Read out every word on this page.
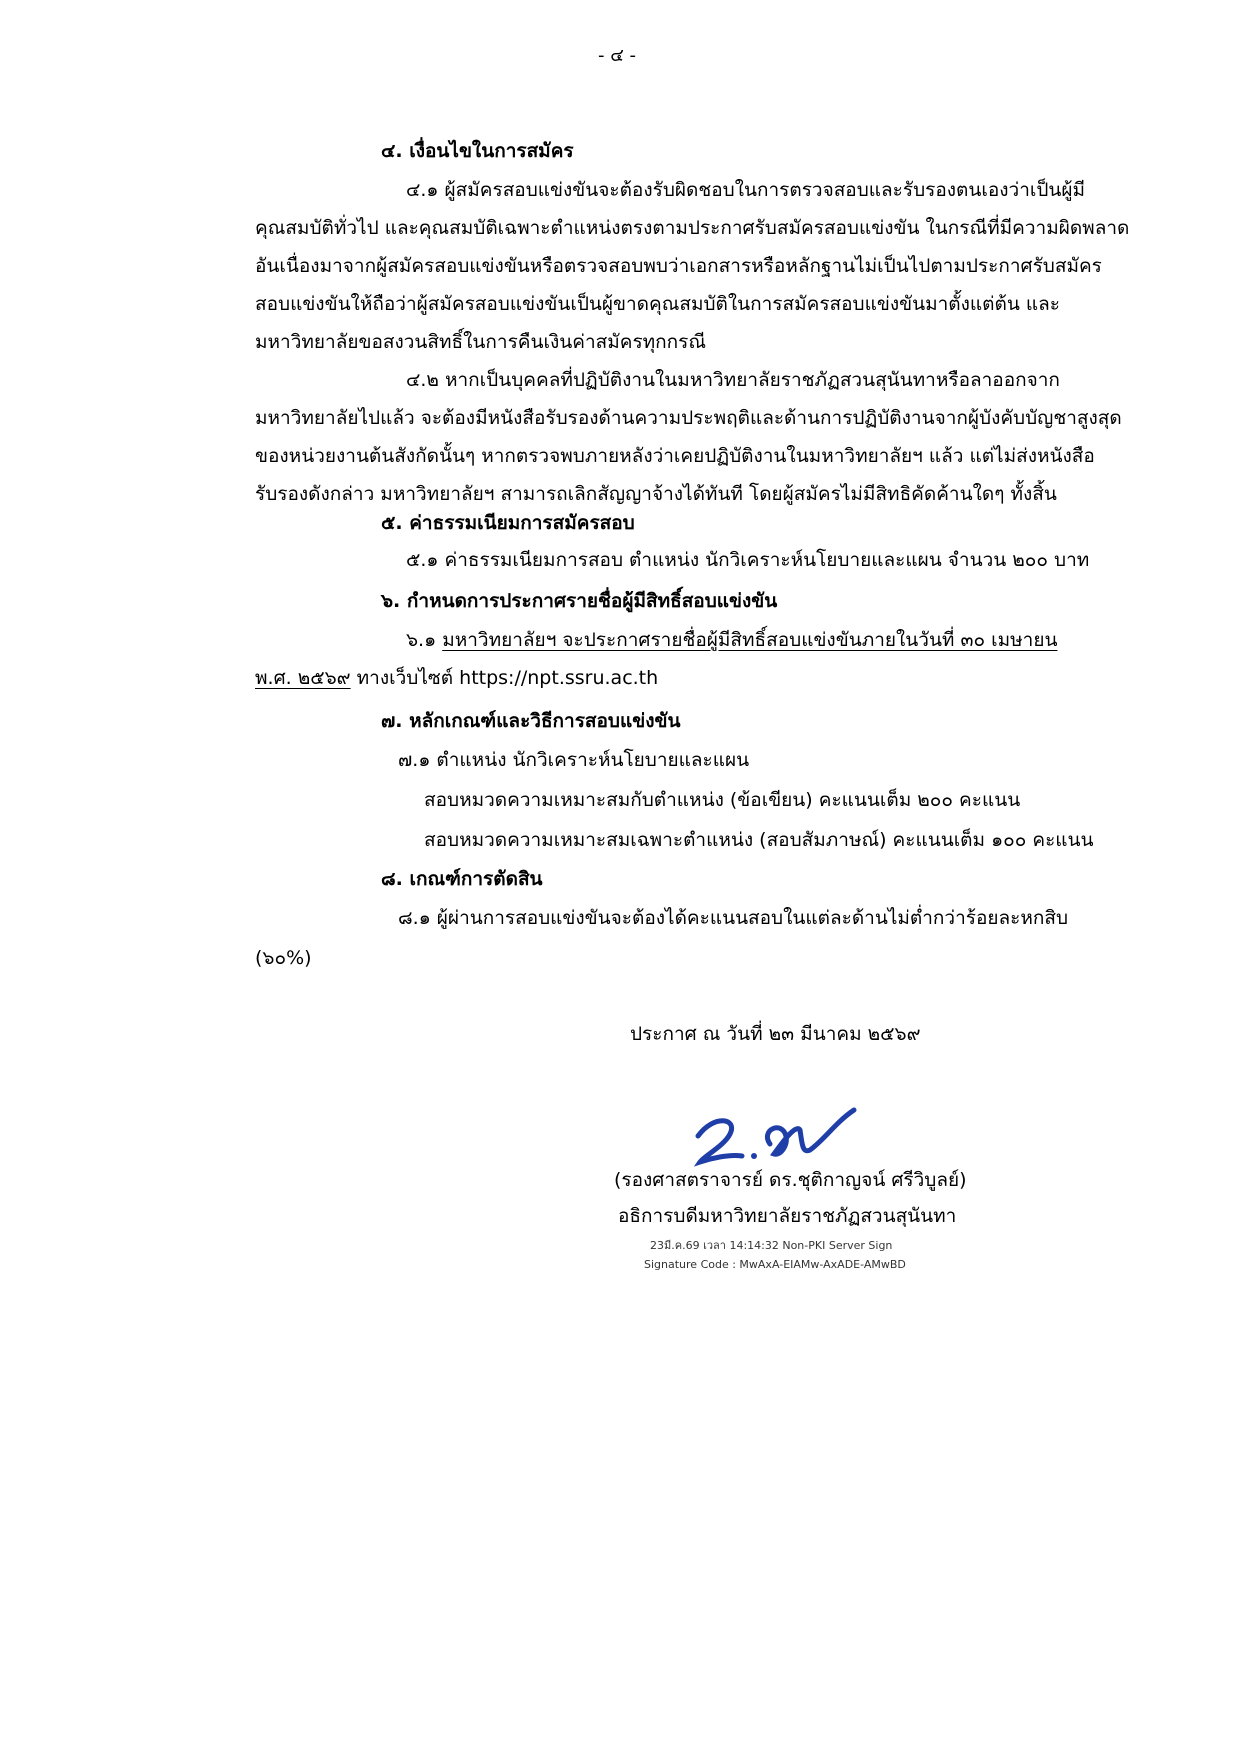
- ๔ -
๔. เงื่อนไขในการสมัคร
๔.๑ ผู้สมัครสอบแข่งขันจะต้องรับผิดชอบในการตรวจสอบและรับรองตนเองว่าเป็นผู้มี
คุณสมบัติทั่วไป และคุณสมบัติเฉพาะตำแหน่งตรงตามประกาศรับสมัครสอบแข่งขัน ในกรณีที่มีความผิดพลาด
อันเนื่องมาจากผู้สมัครสอบแข่งขันหรือตรวจสอบพบว่าเอกสารหรือหลักฐานไม่เป็นไปตามประกาศรับสมัคร
สอบแข่งขันให้ถือว่าผู้สมัครสอบแข่งขันเป็นผู้ขาดคุณสมบัติในการสมัครสอบแข่งขันมาตั้งแต่ต้น และ
มหาวิทยาลัยขอสงวนสิทธิ์ในการคืนเงินค่าสมัครทุกกรณี
๔.๒ หากเป็นบุคคลที่ปฏิบัติงานในมหาวิทยาลัยราชภัฏสวนสุนันทาหรือลาออกจาก
มหาวิทยาลัยไปแล้ว จะต้องมีหนังสือรับรองด้านความประพฤติและด้านการปฏิบัติงานจากผู้บังคับบัญชาสูงสุด
ของหน่วยงานต้นสังกัดนั้นๆ หากตรวจพบภายหลังว่าเคยปฏิบัติงานในมหาวิทยาลัยฯ แล้ว แต่ไม่ส่งหนังสือ
รับรองดังกล่าว มหาวิทยาลัยฯ สามารถเลิกสัญญาจ้างได้ทันที โดยผู้สมัครไม่มีสิทธิคัดค้านใดๆ ทั้งสิ้น
๕. ค่าธรรมเนียมการสมัครสอบ
๕.๑ ค่าธรรมเนียมการสอบ ตำแหน่ง นักวิเคราะห์นโยบายและแผน จำนวน ๒๐๐ บาท
๖. กำหนดการประกาศรายชื่อผู้มีสิทธิ์สอบแข่งขัน
๖.๑ มหาวิทยาลัยฯ จะประกาศรายชื่อผู้มีสิทธิ์สอบแข่งขันภายในวันที่ ๓๐ เมษายน
พ.ศ. ๒๕๖๙ ทางเว็บไซต์ https://npt.ssru.ac.th
๗. หลักเกณฑ์และวิธีการสอบแข่งขัน
๗.๑ ตำแหน่ง นักวิเคราะห์นโยบายและแผน
สอบหมวดความเหมาะสมกับตำแหน่ง (ข้อเขียน) คะแนนเต็ม ๒๐๐ คะแนน
สอบหมวดความเหมาะสมเฉพาะตำแหน่ง (สอบสัมภาษณ์) คะแนนเต็ม ๑๐๐ คะแนน
๘. เกณฑ์การตัดสิน
๘.๑ ผู้ผ่านการสอบแข่งขันจะต้องได้คะแนนสอบในแต่ละด้านไม่ต่ำกว่าร้อยละหกสิบ
(๖๐%)
ประกาศ ณ วันที่ ๒๓ มีนาคม ๒๕๖๙
(รองศาสตราจารย์ ดร.ชุติกาญจน์ ศรีวิบูลย์)
อธิการบดีมหาวิทยาลัยราชภัฏสวนสุนันทา
23มี.ค.69 เวลา 14:14:32 Non-PKI Server Sign
Signature Code : MwAxA-EIAMw-AxADE-AMwBD
